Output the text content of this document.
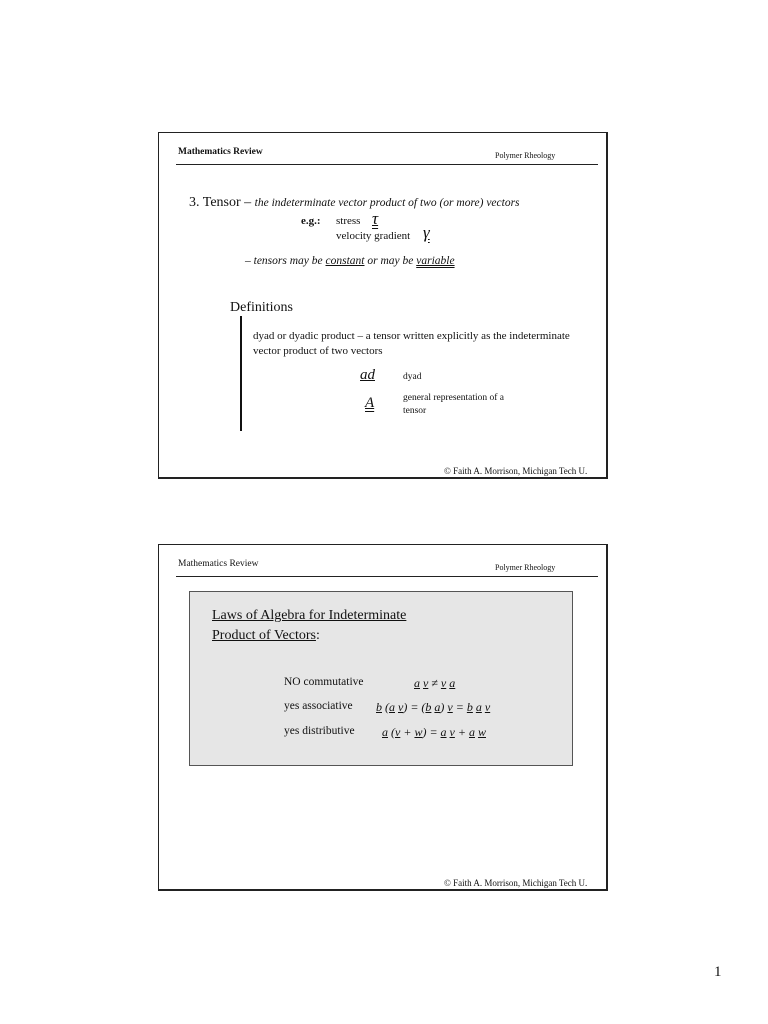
Mathematics Review	Polymer Rheology
3. Tensor – the indeterminate vector product of two (or more) vectors
e.g.: stress τ
velocity gradient γ
– tensors may be constant or may be variable
Definitions
dyad or dyadic product – a tensor written explicitly as the indeterminate vector product of two vectors
ad	dyad
A	general representation of a tensor
© Faith A. Morrison, Michigan Tech U.
Mathematics Review	Polymer Rheology
Laws of Algebra for Indeterminate
Product of Vectors:
NO commutative	a v ≠ v a
yes associative b (a v) = (b a) v = b a v
yes distributive a (v + w) = a v + a w
© Faith A. Morrison, Michigan Tech U.
1
